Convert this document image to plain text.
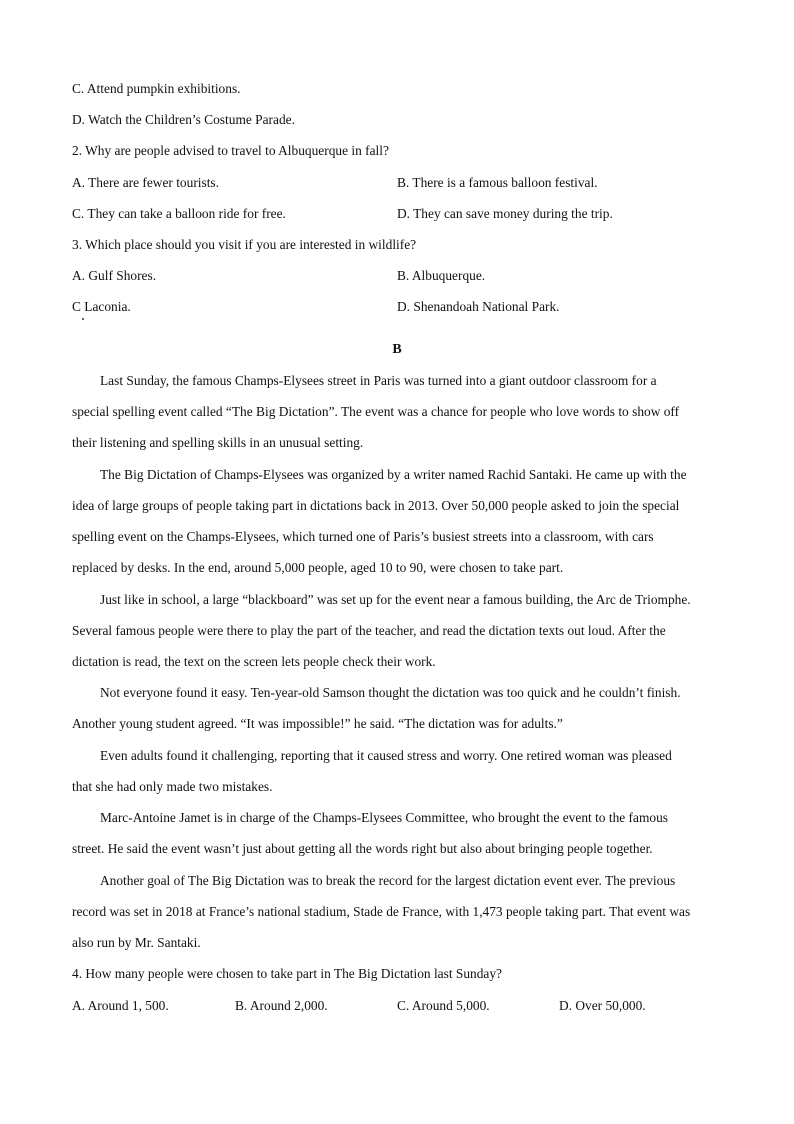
C. Attend pumpkin exhibitions.
D. Watch the Children’s Costume Parade.
2. Why are people advised to travel to Albuquerque in fall?
A. There are fewer tourists.	B. There is a famous balloon festival.
C. They can take a balloon ride for free.	D. They can save money during the trip.
3. Which place should you visit if you are interested in wildlife?
A. Gulf Shores.	B. Albuquerque.
C Laconia.	D. Shenandoah National Park.
B
Last Sunday, the famous Champs-Elysees street in Paris was turned into a giant outdoor classroom for a
special spelling event called “The Big Dictation”. The event was a chance for people who love words to show off
their listening and spelling skills in an unusual setting.
The Big Dictation of Champs-Elysees was organized by a writer named Rachid Santaki. He came up with the
idea of large groups of people taking part in dictations back in 2013. Over 50,000 people asked to join the special
spelling event on the Champs-Elysees, which turned one of Paris’s busiest streets into a classroom, with cars
replaced by desks. In the end, around 5,000 people, aged 10 to 90, were chosen to take part.
Just like in school, a large “blackboard” was set up for the event near a famous building, the Arc de Triomphe.
Several famous people were there to play the part of the teacher, and read the dictation texts out loud. After the
dictation is read, the text on the screen lets people check their work.
Not everyone found it easy. Ten-year-old Samson thought the dictation was too quick and he couldn’t finish.
Another young student agreed. “It was impossible!” he said. “The dictation was for adults.”
Even adults found it challenging, reporting that it caused stress and worry. One retired woman was pleased
that she had only made two mistakes.
Marc-Antoine Jamet is in charge of the Champs-Elysees Committee, who brought the event to the famous
street. He said the event wasn’t just about getting all the words right but also about bringing people together.
Another goal of The Big Dictation was to break the record for the largest dictation event ever. The previous
record was set in 2018 at France’s national stadium, Stade de France, with 1,473 people taking part. That event was
also run by Mr. Santaki.
4. How many people were chosen to take part in The Big Dictation last Sunday?
A. Around 1, 500.	B. Around 2,000.	C. Around 5,000.	D. Over 50,000.
